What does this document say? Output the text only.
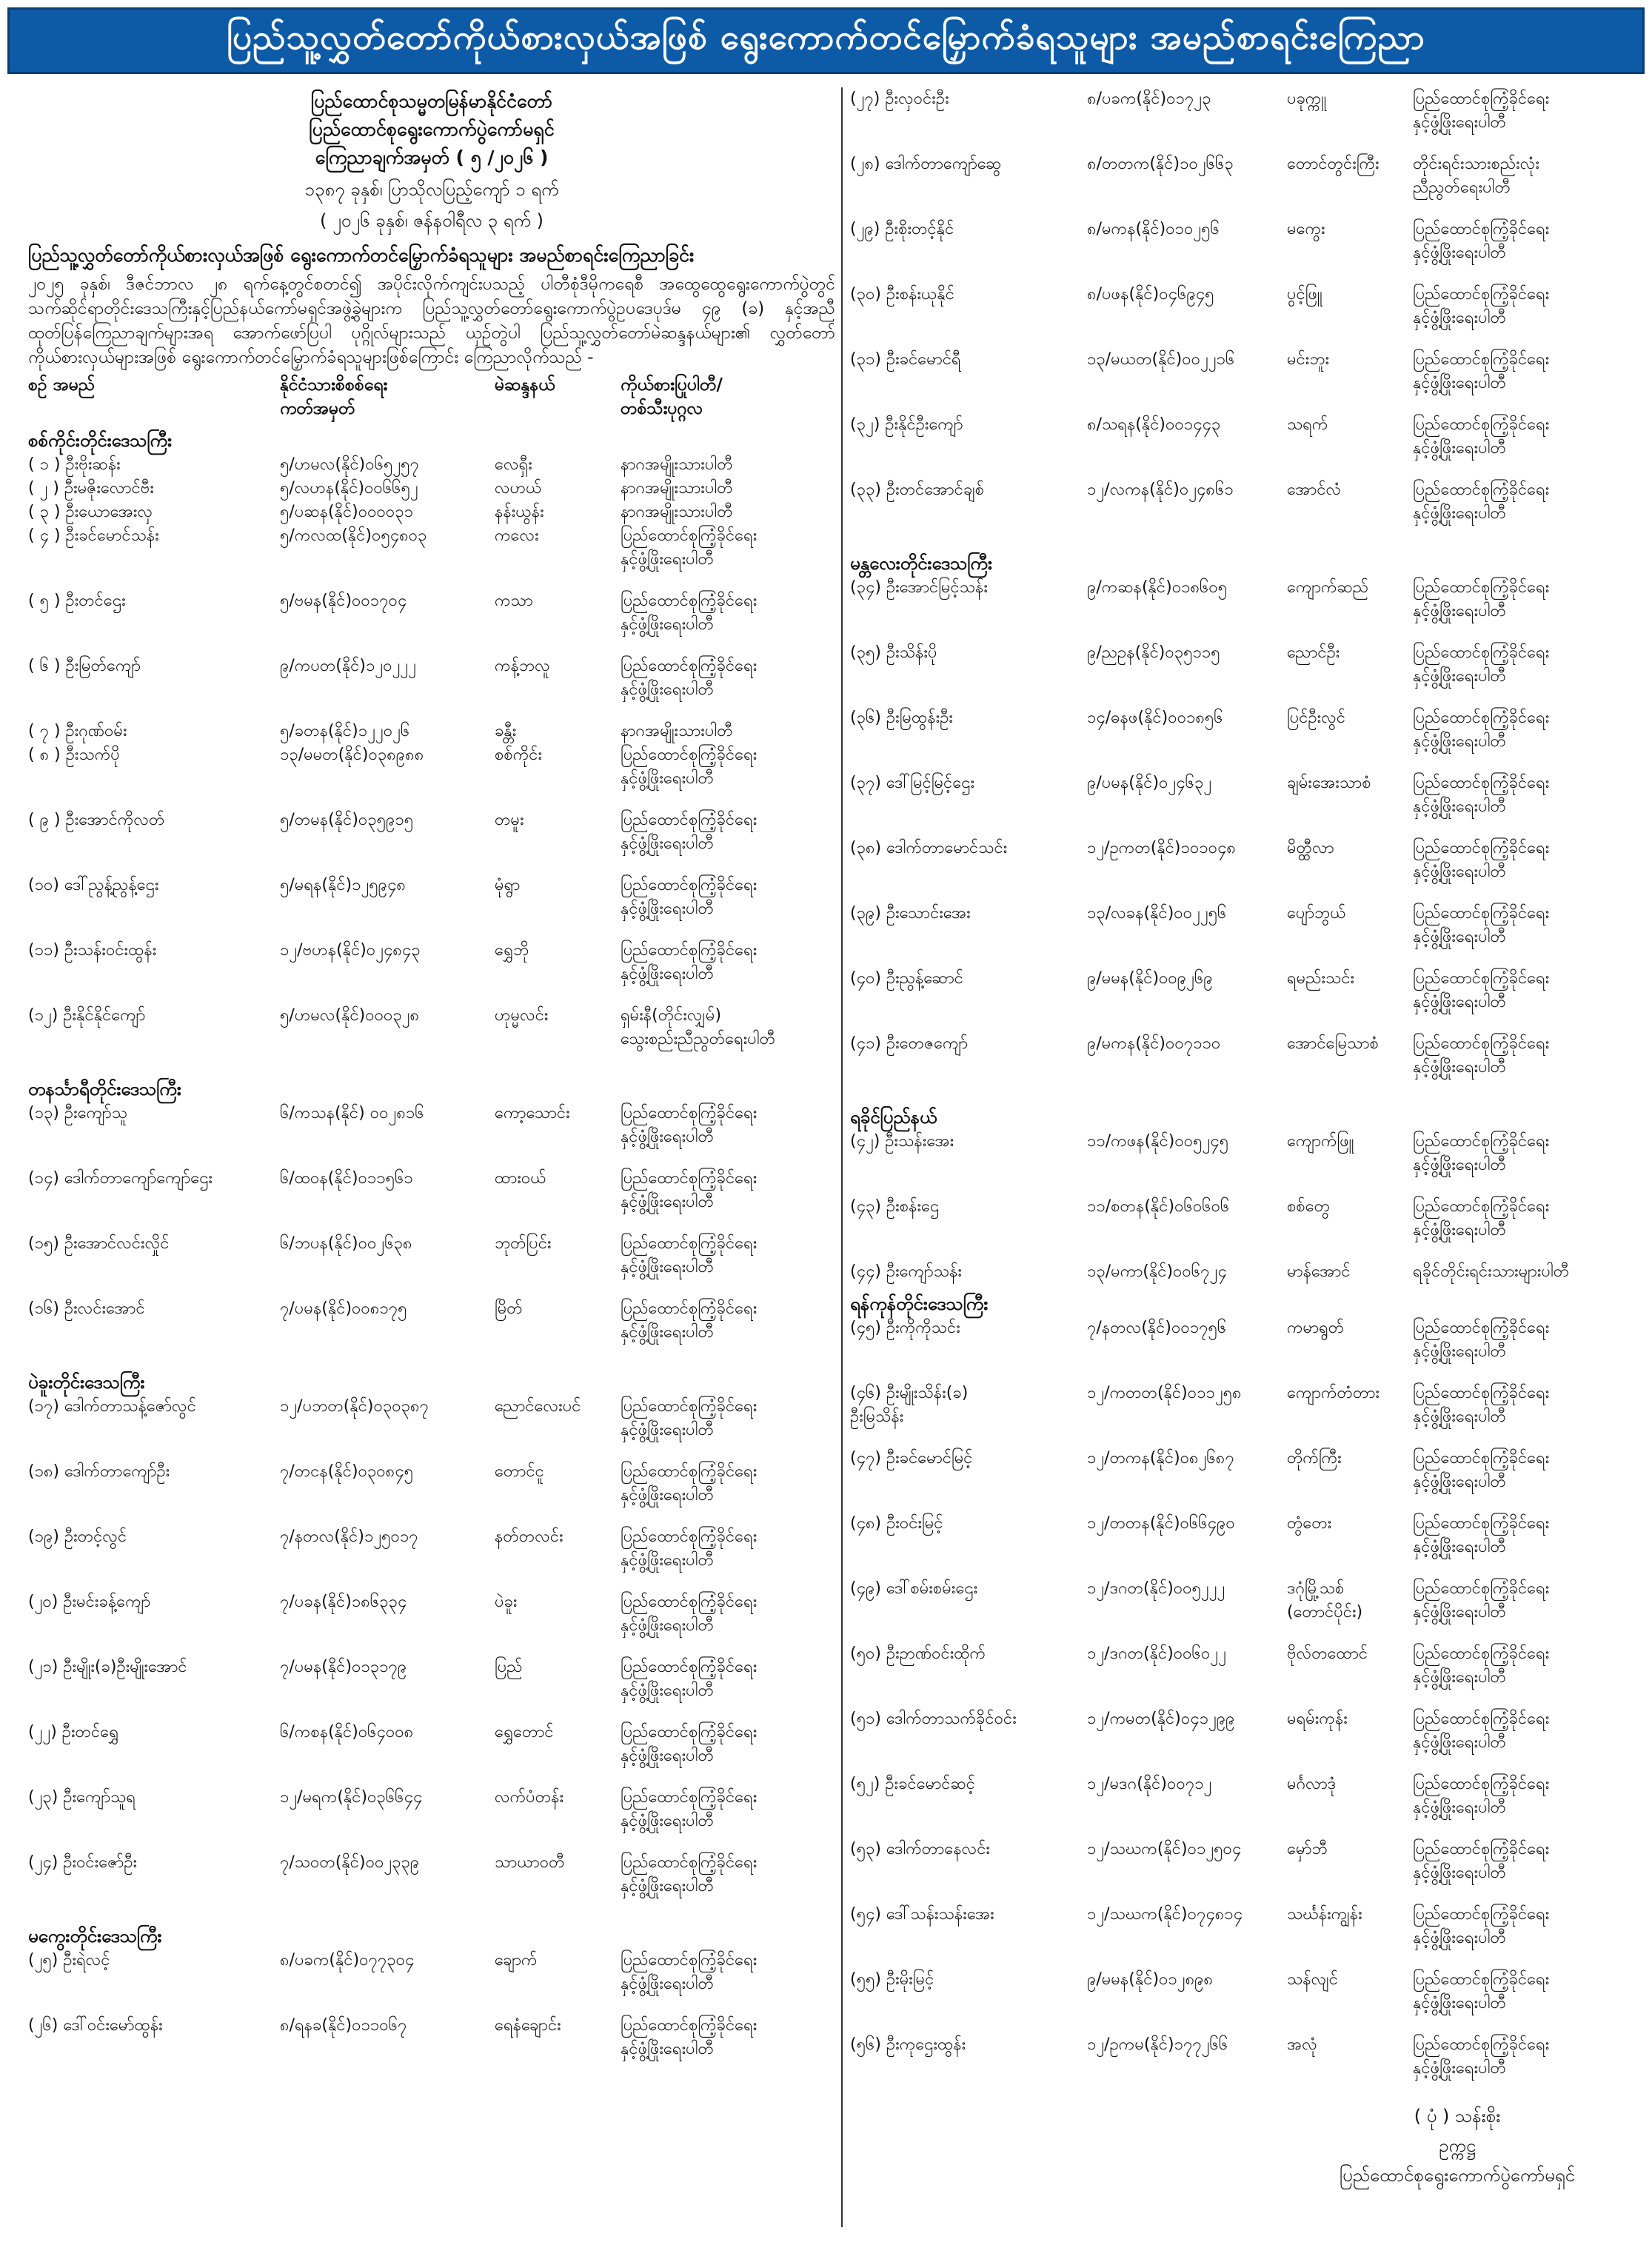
ပြည်သူ့လွှတ်တော်ကိုယ်စားလှယ်အဖြစ် ရွေးကောက်တင်မြှောက်ခံရသူများ အမည်စာရင်းကြေညာ
ပြည်ထောင်စုသမ္မတမြန်မာနိုင်ငံတော်
ပြည်ထောင်စုရွေးကောက်ပွဲကော်မရှင်
ကြေညာချက်အမှတ် ( ၅ /၂၀၂၆ )
၁၃၈၇ ခုနှစ်၊ ပြာသိုလပြည့်ကျော် ၁ ရက်
( ၂၀၂၆ ခုနှစ်၊ ဇန်နဝါရီလ ၃ ရက် )
ပြည်သူ့လွှတ်တော်ကိုယ်စားလှယ်အဖြစ် ရွေးကောက်တင်မြှောက်ခံရသူများ အမည်စာရင်းကြေညာခြင်း
၂၀၂၅ ခုနှစ်၊ ဒီဇင်ဘာလ ၂၈ ရက်နေ့တွင်စတင်၍ အပိုင်းလိုက်ကျင်းပသည့် ပါတီစုံဒီမိုကရေစီ အထွေထွေရွေးကောက်ပွဲတွင် သက်ဆိုင်ရာတိုင်းဒေသကြီးနှင့်ပြည်နယ်ကော်မရှင်အဖွဲ့ခွဲများက ပြည်သူ့လွှတ်တော်ရွေးကောက်ပွဲဥပဒေပုဒ်မ ၄၉ (ခ) နှင့်အညီ ထုတ်ပြန်ကြေညာချက်များအရ အောက်ဖော်ပြပါ ပုဂ္ဂိုလ်များသည် ယှဉ်တွဲပါ ပြည်သူ့လွှတ်တော်မဲဆန္ဒနယ်များ၏ လွှတ်တော်ကိုယ်စားလှယ်များအဖြစ် ရွေးကောက်တင်မြှောက်ခံရသူများဖြစ်ကြောင်း ကြေညာလိုက်သည် -
စဉ် အမည်	နိုင်ငံသားစိစစ်ရေး
ကတ်အမှတ်
မဲဆန္ဒနယ်	ကိုယ်စားပြုပါတီ/
တစ်သီးပုဂ္ဂလ
စစ်ကိုင်းတိုင်းဒေသကြီး
( ၁ ) ဦးဗိုးဆန်း	၅/ဟမလ(နိုင်)၀၆၅၂၅၇	လေရှီး	နာဂအမျိုးသားပါတီ
( ၂ ) ဦးမဇိုးလောင်ဗီး	၅/လဟန(နိုင်)၀၀၆၆၅၂	လဟယ်	နာဂအမျိုးသားပါတီ
( ၃ ) ဦးယောအေးလှ	၅/ပဆန(နိုင်)၀၀၀၀၃၁	နန်းယွန်း	နာဂအမျိုးသားပါတီ
( ၄ ) ဦးခင်မောင်သန်း	၅/ကလထ(နိုင်)၀၅၄၈၀၃	ကလေး	ပြည်ထောင်စုကြံ့ခိုင်ရေး
နှင့်ဖွံ့ဖြိုးရေးပါတီ
( ၅ ) ဦးတင်ဌေး	၅/ဗမန(နိုင်)၀၀၁၇၀၄	ကသာ	ပြည်ထောင်စုကြံ့ခိုင်ရေး
နှင့်ဖွံ့ဖြိုးရေးပါတီ
( ၆ ) ဦးမြတ်ကျော်	၉/ကပတ(နိုင်)၁၂၀၂၂၂	ကန့်ဘလူ	ပြည်ထောင်စုကြံ့ခိုင်ရေး
နှင့်ဖွံ့ဖြိုးရေးပါတီ
( ၇ ) ဦးဂုဏ်ဝမ်း	၅/ခတန(နိုင်)၁၂၂၀၂၆	ခန္တီး	နာဂအမျိုးသားပါတီ
( ၈ ) ဦးသက်ပို	၁၃/မမတ(နိုင်)၀၃၈၉၈၈	စစ်ကိုင်း	ပြည်ထောင်စုကြံ့ခိုင်ရေး
နှင့်ဖွံ့ဖြိုးရေးပါတီ
( ၉ ) ဦးအောင်ကိုလတ်	၅/တမန(နိုင်)၀၃၅၉၁၅	တမူး	ပြည်ထောင်စုကြံ့ခိုင်ရေး
နှင့်ဖွံ့ဖြိုးရေးပါတီ
(၁၀) ဒေါ်ညွန့်ညွန့်ဌေး	၅/မရန(နိုင်)၁၂၅၉၄၈	မုံရွာ	ပြည်ထောင်စုကြံ့ခိုင်ရေး
နှင့်ဖွံ့ဖြိုးရေးပါတီ
(၁၁) ဦးသန်းဝင်းထွန်း	၁၂/ဗဟန(နိုင်)၀၂၄၈၄၃	ရွှေဘို	ပြည်ထောင်စုကြံ့ခိုင်ရေး
နှင့်ဖွံ့ဖြိုးရေးပါတီ
(၁၂) ဦးနိုင်နိုင်ကျော်	၅/ဟမလ(နိုင်)၀၀၀၃၂၈	ဟုမ္မလင်း	ရှမ်းနီ(တိုင်းလျှမ်)
သွေးစည်းညီညွတ်ရေးပါတီ
တနင်္သာရီတိုင်းဒေသကြီး
(၁၃) ဦးကျော်သူ	၆/ကသန(နိုင်) ၀၀၂၈၁၆	ကော့သောင်း	ပြည်ထောင်စုကြံ့ခိုင်ရေး
နှင့်ဖွံ့ဖြိုးရေးပါတီ
(၁၄) ဒေါက်တာကျော်ကျော်ဌေး	၆/ထဝန(နိုင်)၀၁၁၅၆၁	ထားဝယ်	ပြည်ထောင်စုကြံ့ခိုင်ရေး
နှင့်ဖွံ့ဖြိုးရေးပါတီ
(၁၅) ဦးအောင်လင်းလှိုင်	၆/ဘပန(နိုင်)၀၀၂၆၃၈	ဘုတ်ပြင်း	ပြည်ထောင်စုကြံ့ခိုင်ရေး
နှင့်ဖွံ့ဖြိုးရေးပါတီ
(၁၆) ဦးလင်းအောင်	၇/ပမန(နိုင်)၀၀၈၁၇၅	မြိတ်	ပြည်ထောင်စုကြံ့ခိုင်ရေး
နှင့်ဖွံ့ဖြိုးရေးပါတီ
ပဲခူးတိုင်းဒေသကြီး
(၁၇) ဒေါက်တာသန့်ဇော်လွင်	၁၂/ပဘတ(နိုင်)၀၃၀၃၈၇	ညောင်လေးပင်	ပြည်ထောင်စုကြံ့ခိုင်ရေး
နှင့်ဖွံ့ဖြိုးရေးပါတီ
(၁၈) ဒေါက်တာကျော်ဦး	၇/တငန(နိုင်)၀၃၀၈၄၅	တောင်ငူ	ပြည်ထောင်စုကြံ့ခိုင်ရေး
နှင့်ဖွံ့ဖြိုးရေးပါတီ
(၁၉) ဦးတင့်လွင်	၇/နတလ(နိုင်)၁၂၅၀၁၇	နတ်တလင်း	ပြည်ထောင်စုကြံ့ခိုင်ရေး
နှင့်ဖွံ့ဖြိုးရေးပါတီ
(၂၀) ဦးမင်းခန့်ကျော်	၇/ပခန(နိုင်)၁၈၆၃၃၄	ပဲခူး	ပြည်ထောင်စုကြံ့ခိုင်ရေး
နှင့်ဖွံ့ဖြိုးရေးပါတီ
(၂၁) ဦးမျိုး(ခ)ဦးမျိုးအောင်	၇/ပမန(နိုင်)၀၁၃၁၇၉	ပြည်	ပြည်ထောင်စုကြံ့ခိုင်ရေး
နှင့်ဖွံ့ဖြိုးရေးပါတီ
(၂၂) ဦးတင်ရွှေ	၆/ကစန(နိုင်)၀၆၄၀၀၈	ရွှေတောင်	ပြည်ထောင်စုကြံ့ခိုင်ရေး
နှင့်ဖွံ့ဖြိုးရေးပါတီ
(၂၃) ဦးကျော်သူရ	၁၂/မရက(နိုင်)၀၃၆၆၄၄	လက်ပံတန်း	ပြည်ထောင်စုကြံ့ခိုင်ရေး
နှင့်ဖွံ့ဖြိုးရေးပါတီ
(၂၄) ဦးဝင်းဇော်ဦး	၇/သဝတ(နိုင်)၀၀၂၃၃၉	သာယာဝတီ	ပြည်ထောင်စုကြံ့ခိုင်ရေး
နှင့်ဖွံ့ဖြိုးရေးပါတီ
မကွေးတိုင်းဒေသကြီး
(၂၅) ဦးရဲလင့်	၈/ပခက(နိုင်)၀၇၇၃၀၄	ချောက်	ပြည်ထောင်စုကြံ့ခိုင်ရေး
နှင့်ဖွံ့ဖြိုးရေးပါတီ
(၂၆) ဒေါ်ဝင်းမော်ထွန်း	၈/ရနခ(နိုင်)၀၁၁၀၆၇	ရေနံချောင်း	ပြည်ထောင်စုကြံ့ခိုင်ရေး
နှင့်ဖွံ့ဖြိုးရေးပါတီ
(၂၇) ဦးလှဝင်းဦး	၈/ပခက(နိုင်)၀၁၇၂၃	ပခုက္ကူ	ပြည်ထောင်စုကြံ့ခိုင်ရေး
နှင့်ဖွံ့ဖြိုးရေးပါတီ
(၂၈) ဒေါက်တာကျော်ဆွေ	၈/တတက(နိုင်)၁၀၂၆၆၃	တောင်တွင်းကြီး	တိုင်းရင်းသားစည်းလုံး
ညီညွတ်ရေးပါတီ
(၂၉) ဦးစိုးတင့်နိုင်	၈/မကန(နိုင်)၀၁၀၂၅၆	မကွေး	ပြည်ထောင်စုကြံ့ခိုင်ရေး
နှင့်ဖွံ့ဖြိုးရေးပါတီ
(၃၀) ဦးစန်းယုနိုင်	၈/ပဖန(နိုင်)၀၄၆၉၄၅	ပွင့်ဖြူ	ပြည်ထောင်စုကြံ့ခိုင်ရေး
နှင့်ဖွံ့ဖြိုးရေးပါတီ
(၃၁) ဦးခင်မောင်ရီ	၁၃/မယတ(နိုင်)၀၀၂၂၁၆	မင်းဘူး	ပြည်ထောင်စုကြံ့ခိုင်ရေး
နှင့်ဖွံ့ဖြိုးရေးပါတီ
(၃၂) ဦးနိုင်ဦးကျော်	၈/သရန(နိုင်)၀၀၁၄၄၃	သရက်	ပြည်ထောင်စုကြံ့ခိုင်ရေး
နှင့်ဖွံ့ဖြိုးရေးပါတီ
(၃၃) ဦးတင်အောင်ချစ်	၁၂/လကန(နိုင်)၀၂၄၈၆၁	အောင်လံ	ပြည်ထောင်စုကြံ့ခိုင်ရေး
နှင့်ဖွံ့ဖြိုးရေးပါတီ
မန္တလေးတိုင်းဒေသကြီး
(၃၄) ဦးအောင်မြင့်သန်း	၉/ကဆန(နိုင်)၀၁၈၆၀၅	ကျောက်ဆည်	ပြည်ထောင်စုကြံ့ခိုင်ရေး
နှင့်ဖွံ့ဖြိုးရေးပါတီ
(၃၅) ဦးသိန်းပို	၉/ညဥန(နိုင်)၀၃၅၁၁၅	ညောင်ဦး	ပြည်ထောင်စုကြံ့ခိုင်ရေး
နှင့်ဖွံ့ဖြိုးရေးပါတီ
(၃၆) ဦးမြထွန်းဦး	၁၄/ဓနဖ(နိုင်)၀၀၁၈၅၆	ပြင်ဦးလွင်	ပြည်ထောင်စုကြံ့ခိုင်ရေး
နှင့်ဖွံ့ဖြိုးရေးပါတီ
(၃၇) ဒေါ်မြင့်မြင့်ဌေး	၉/ပမန(နိုင်)၀၂၄၆၃၂	ချမ်းအေးသာစံ	ပြည်ထောင်စုကြံ့ခိုင်ရေး
နှင့်ဖွံ့ဖြိုးရေးပါတီ
(၃၈) ဒေါက်တာမောင်သင်း	၁၂/ဥကတ(နိုင်)၁၀၁၀၄၈	မိတ္ထီလာ	ပြည်ထောင်စုကြံ့ခိုင်ရေး
နှင့်ဖွံ့ဖြိုးရေးပါတီ
(၃၉) ဦးသောင်းအေး	၁၃/လခန(နိုင်)၀၀၂၂၅၆	ပျော်ဘွယ်	ပြည်ထောင်စုကြံ့ခိုင်ရေး
နှင့်ဖွံ့ဖြိုးရေးပါတီ
(၄၀) ဦးညွန့်ဆောင်	၉/မမန(နိုင်)၀၀၉၂၆၉	ရမည်းသင်း	ပြည်ထောင်စုကြံ့ခိုင်ရေး
နှင့်ဖွံ့ဖြိုးရေးပါတီ
(၄၁) ဦးတေဇကျော်	၉/မကန(နိုင်)၀၀၇၁၁၀	အောင်မြေသာစံ	ပြည်ထောင်စုကြံ့ခိုင်ရေး
နှင့်ဖွံ့ဖြိုးရေးပါတီ
ရခိုင်ပြည်နယ်
(၄၂) ဦးသန်းအေး	၁၁/ကဖန(နိုင်)၀၀၅၂၄၅	ကျောက်ဖြူ	ပြည်ထောင်စုကြံ့ခိုင်ရေး
နှင့်ဖွံ့ဖြိုးရေးပါတီ
(၄၃) ဦးစန်းဌေ	၁၁/စတန(နိုင်)၀၆၀၆၀၆	စစ်တွေ	ပြည်ထောင်စုကြံ့ခိုင်ရေး
နှင့်ဖွံ့ဖြိုးရေးပါတီ
(၄၄) ဦးကျော်သန်း	၁၃/မကာ(နိုင်)၀၀၆၇၂၄	မာန်အောင်	ရခိုင်တိုင်းရင်းသားများပါတီ
ရန်ကုန်တိုင်းဒေသကြီး
(၄၅) ဦးကိုကိုသင်း	၇/နတလ(နိုင်)၀၀၁၇၅၆	ကမာရွတ်	ပြည်ထောင်စုကြံ့ခိုင်ရေး
နှင့်ဖွံ့ဖြိုးရေးပါတီ
(၄၆) ဦးမျိုးသိန်း(ခ)
ဦးမြသိန်း
၁၂/ကတတ(နိုင်)၀၁၁၂၅၈	ကျောက်တံတား	ပြည်ထောင်စုကြံ့ခိုင်ရေး
နှင့်ဖွံ့ဖြိုးရေးပါတီ
(၄၇) ဦးခင်မောင်မြင့်	၁၂/တကန(နိုင်)၀၈၂၆၈၇	တိုက်ကြီး	ပြည်ထောင်စုကြံ့ခိုင်ရေး
နှင့်ဖွံ့ဖြိုးရေးပါတီ
(၄၈) ဦးဝင်းမြင့်	၁၂/တတန(နိုင်)၀၆၆၄၉၀	တွံတေး	ပြည်ထောင်စုကြံ့ခိုင်ရေး
နှင့်ဖွံ့ဖြိုးရေးပါတီ
(၄၉) ဒေါ်စမ်းစမ်းဌေး	၁၂/ဒဂတ(နိုင်)၀၀၅၂၂၂	ဒဂုံမြို့သစ်
(တောင်ပိုင်း)
ပြည်ထောင်စုကြံ့ခိုင်ရေး
နှင့်ဖွံ့ဖြိုးရေးပါတီ
(၅၀) ဦးဉာဏ်ဝင်းထိုက်	၁၂/ဒဂတ(နိုင်)၀၀၆၀၂၂	ဗိုလ်တထောင်	ပြည်ထောင်စုကြံ့ခိုင်ရေး
နှင့်ဖွံ့ဖြိုးရေးပါတီ
(၅၁) ဒေါက်တာသက်ခိုင်ဝင်း	၁၂/ကမတ(နိုင်)၀၄၁၂၉၉	မရမ်းကုန်း	ပြည်ထောင်စုကြံ့ခိုင်ရေး
နှင့်ဖွံ့ဖြိုးရေးပါတီ
(၅၂) ဦးခင်မောင်ဆင့်	၁၂/မဒဂ(နိုင်)၀၀၇၁၂	မင်္ဂလာဒုံ	ပြည်ထောင်စုကြံ့ခိုင်ရေး
နှင့်ဖွံ့ဖြိုးရေးပါတီ
(၅၃) ဒေါက်တာနေလင်း	၁၂/သဃက(နိုင်)၀၁၂၅၀၄	မှော်ဘီ	ပြည်ထောင်စုကြံ့ခိုင်ရေး
နှင့်ဖွံ့ဖြိုးရေးပါတီ
(၅၄) ဒေါ်သန်းသန်းအေး	၁၂/သဃက(နိုင်)၀၇၄၈၁၄	သင်္ဃန်းကျွန်း	ပြည်ထောင်စုကြံ့ခိုင်ရေး
နှင့်ဖွံ့ဖြိုးရေးပါတီ
(၅၅) ဦးမိုးမြင့်	၉/မမန(နိုင်)၀၁၂၈၉၈	သန်လျင်	ပြည်ထောင်စုကြံ့ခိုင်ရေး
နှင့်ဖွံ့ဖြိုးရေးပါတီ
(၅၆) ဦးကုဌေးထွန်း	၁၂/ဥကမ(နိုင်)၁၇၇၂၆၆	အလုံ	ပြည်ထောင်စုကြံ့ခိုင်ရေး
နှင့်ဖွံ့ဖြိုးရေးပါတီ
( ပုံ ) သန်းစိုး
ဥက္ကဋ္ဌ
ပြည်ထောင်စုရွေးကောက်ပွဲကော်မရှင်
